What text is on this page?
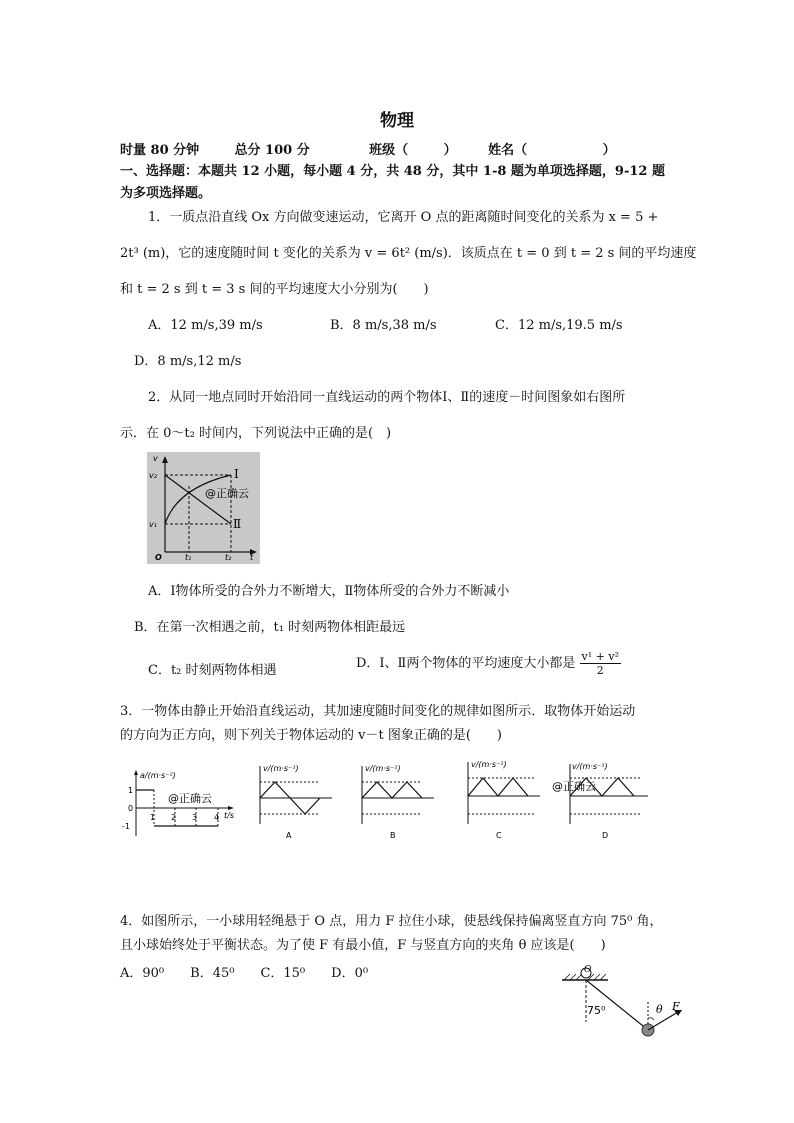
物理
时量 80 分钟	总分 100 分	班级（	） 姓名（	）
一、选择题：本题共 12 小题，每小题 4 分，共 48 分，其中 1-8 题为单项选择题，9-12 题
为多项选择题。
1．一质点沿直线 Ox 方向做变速运动，它离开 O 点的距离随时间变化的关系为 x = 5 +
2t³ (m)，它的速度随时间 t 变化的关系为 v = 6t² (m/s)．该质点在 t = 0 到 t = 2 s 间的平均速度
和 t = 2 s 到 t = 3 s 间的平均速度大小分别为(　　)
A．12 m/s,39 m/s	B．8 m/s,38 m/s	C．12 m/s,19.5 m/s
D．8 m/s,12 m/s
2．从同一地点同时开始沿同一直线运动的两个物体Ⅰ、Ⅱ的速度－时间图象如右图所
示．在 0～t₂ 时间内，下列说法中正确的是(　)
v
v₂
v₁
O	t₁	t₂ t
Ⅰ
Ⅱ
@正确云
A．Ⅰ物体所受的合外力不断增大，Ⅱ物体所受的合外力不断减小
B．在第一次相遇之前，t₁ 时刻两物体相距最远
C．t₂ 时刻两物体相遇	D．Ⅰ、Ⅱ两个物体的平均速度大小都是 $\frac{\text{v¹ + v²}}{2}$
3．一物体由静止开始沿直线运动，其加速度随时间变化的规律如图所示．取物体开始运动
的方向为正方向，则下列关于物体运动的 v－t 图象正确的是(　　)
a/(m·s⁻²)
1
0
-1
1 2 3 4 t/s
@正确云
v/(m·s⁻¹)
A
v/(m·s⁻¹)
B
v/(m·s⁻¹)
C
v/(m·s⁻¹)
@正确云
D
4．如图所示，一小球用轻绳悬于 O 点，用力 F 拉住小球，使悬线保持偏离竖直方向 75⁰ 角，
且小球始终处于平衡状态。为了使 F 有最小值，F 与竖直方向的夹角 θ 应该是(　　)
A．90⁰　　B．45⁰　　C．15⁰　　D．0⁰	O
75⁰	θ F
